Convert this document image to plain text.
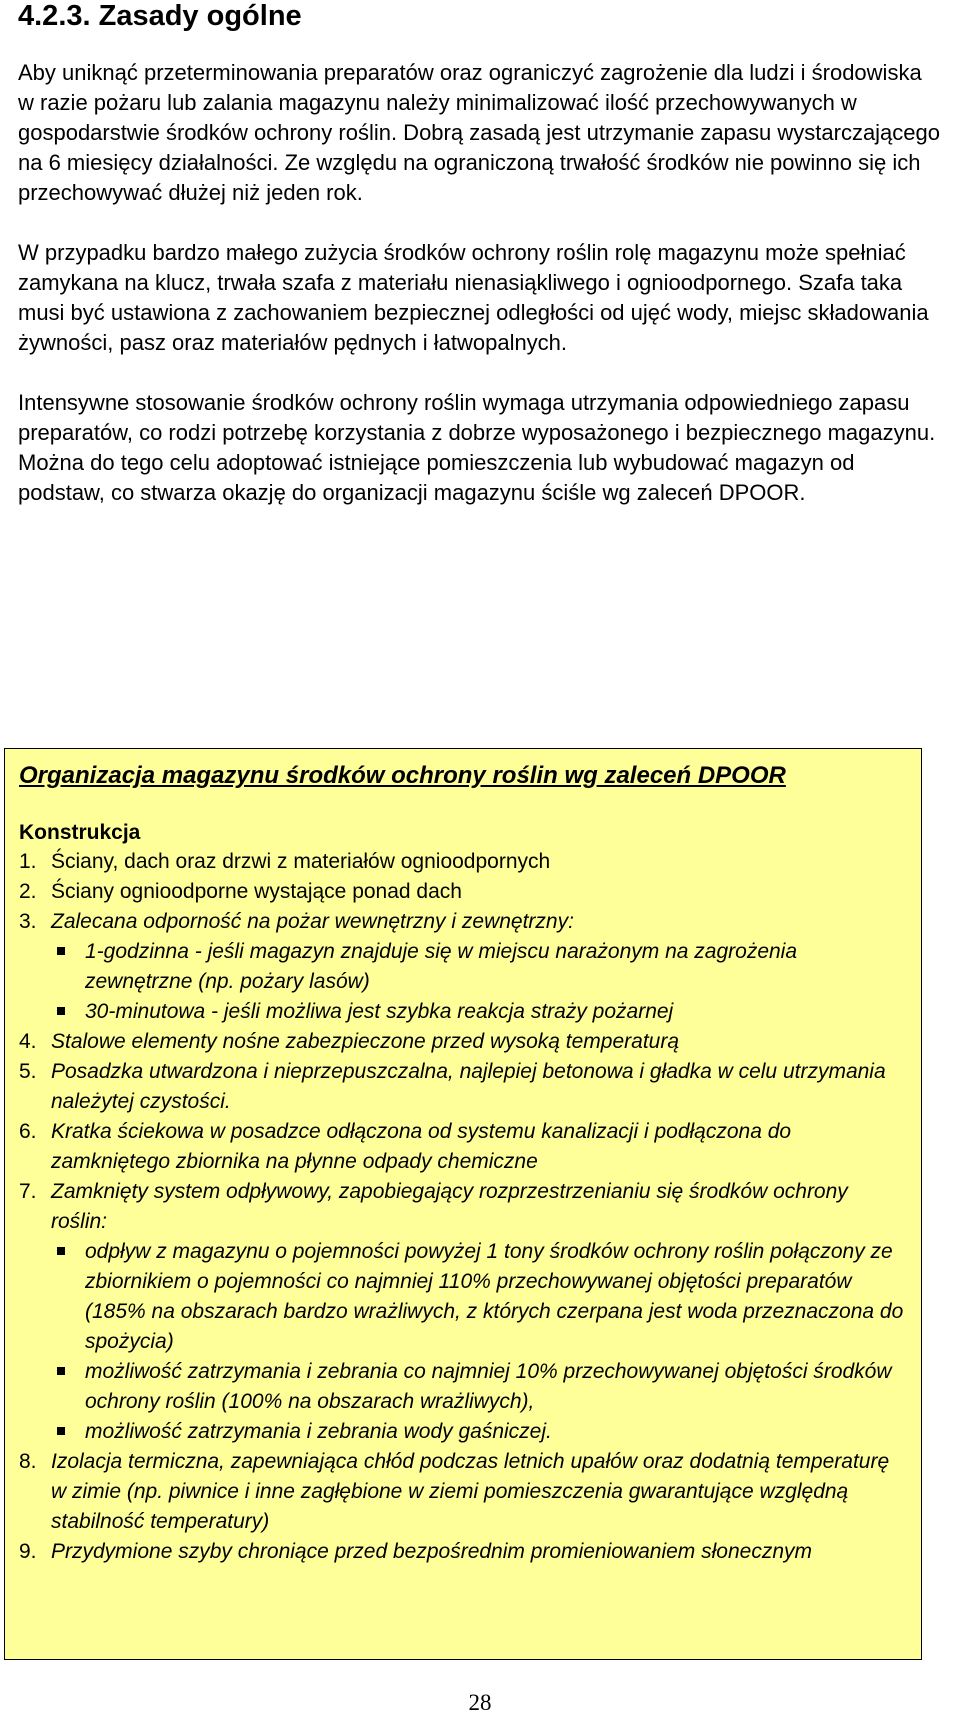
4.2.3. Zasady ogólne

Aby uniknąć przeterminowania preparatów oraz ograniczyć zagrożenie dla ludzi i środowiska w razie pożaru lub zalania magazynu należy minimalizować ilość przechowywanych w gospodarstwie środków ochrony roślin. Dobrą zasadą jest utrzymanie zapasu wystarczającego na 6 miesięcy działalności. Ze względu na ograniczoną trwałość środków nie powinno się ich przechowywać dłużej niż jeden rok.

W przypadku bardzo małego zużycia środków ochrony roślin rolę magazynu może spełniać zamykana na klucz, trwała szafa z materiału nienasiąkliwego i ognioodpornego. Szafa taka musi być ustawiona z zachowaniem bezpiecznej odległości od ujęć wody, miejsc składowania żywności, pasz oraz materiałów pędnych i łatwopalnych.

Intensywne stosowanie środków ochrony roślin wymaga utrzymania odpowiedniego zapasu preparatów, co rodzi potrzebę korzystania z dobrze wyposażonego i bezpiecznego magazynu. Można do tego celu adoptować istniejące pomieszczenia lub wybudować magazyn od podstaw, co stwarza okazję do organizacji magazynu ściśle wg zaleceń DPOOR.

Organizacja magazynu środków ochrony roślin wg zaleceń DPOOR

Konstrukcja

1. Ściany, dach oraz drzwi z materiałów ognioodpornych

2. Ściany ognioodporne wystające ponad dach

3. Zalecana odporność na pożar wewnętrzny i zewnętrzny:

1-godzinna - jeśli magazyn znajduje się w miejscu narażonym na zagrożenia zewnętrzne (np. pożary lasów)
30-minutowa - jeśli możliwa jest szybka reakcja straży pożarnej

4. Stalowe elementy nośne zabezpieczone przed wysoką temperaturą

5. Posadzka utwardzona i nieprzepuszczalna, najlepiej betonowa i gładka w celu utrzymania należytej czystości.

6. Kratka ściekowa w posadzce odłączona od systemu kanalizacji i podłączona do zamkniętego zbiornika na płynne odpady chemiczne

7. Zamknięty system odpływowy, zapobiegający rozprzestrzenianiu się środków ochrony roślin:

odpływ z magazynu o pojemności powyżej 1 tony środków ochrony roślin połączony ze zbiornikiem o pojemności co najmniej 110% przechowywanej objętości preparatów (185% na obszarach bardzo wrażliwych, z których czerpana jest woda przeznaczona do spożycia)
możliwość zatrzymania i zebrania co najmniej 10% przechowywanej objętości środków ochrony roślin (100% na obszarach wrażliwych),
możliwość zatrzymania i zebrania wody gaśniczej.

8. Izolacja termiczna, zapewniająca chłód podczas letnich upałów oraz dodatnią temperaturę w zimie (np. piwnice i inne zagłębione w ziemi pomieszczenia gwarantujące względną stabilność temperatury)

9. Przydymione szyby chroniące przed bezpośrednim promieniowaniem słonecznym

28
